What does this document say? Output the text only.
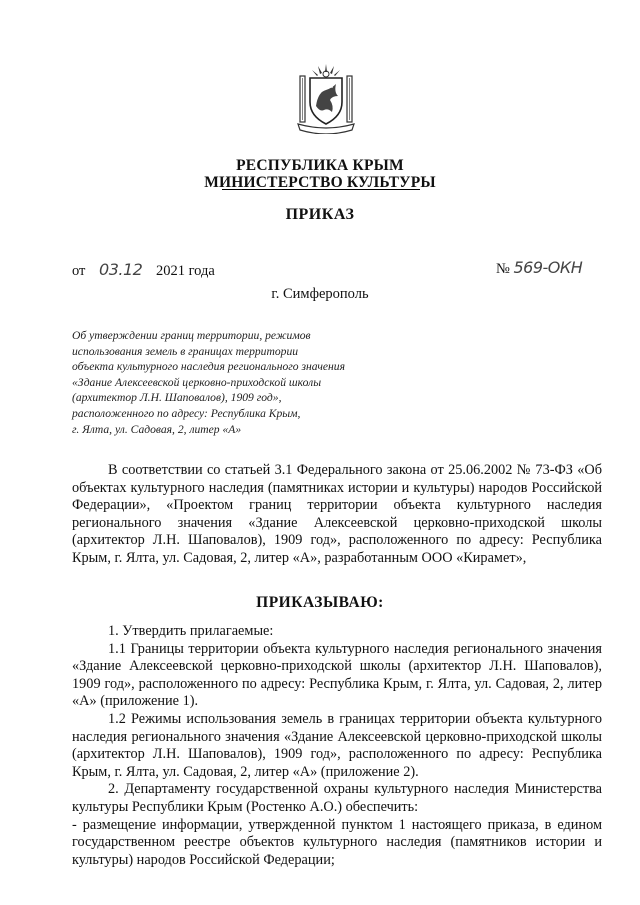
РЕСПУБЛИКА КРЫМ
МИНИСТЕРСТВО КУЛЬТУРЫ
ПРИКАЗ
от 03.12 2021 года	№ 569-ОКН
г. Симферополь
Об утверждении границ территории, режимов
использования земель в границах территории
объекта культурного наследия регионального значения
«Здание Алексеевской церковно-приходской школы
(архитектор Л.Н. Шаповалов), 1909 год»,
расположенного по адресу: Республика Крым,
г. Ялта, ул. Садовая, 2, литер «А»

В соответствии со статьей 3.1 Федерального закона от 25.06.2002 № 73-ФЗ «Об объектах культурного наследия (памятниках истории и культуры) народов Российской Федерации», «Проектом границ территории объекта культурного наследия регионального значения «Здание Алексеевской церковно-приходской школы (архитектор Л.Н. Шаповалов), 1909 год», расположенного по адресу: Республика Крым, г. Ялта, ул. Садовая, 2, литер «А», разработанным ООО «Кирамет»,

ПРИКАЗЫВАЮ:

1. Утвердить прилагаемые:

1.1 Границы территории объекта культурного наследия регионального значения «Здание Алексеевской церковно-приходской школы (архитектор Л.Н. Шаповалов), 1909 год», расположенного по адресу: Республика Крым, г. Ялта, ул. Садовая, 2, литер «А» (приложение 1).

1.2 Режимы использования земель в границах территории объекта культурного наследия регионального значения «Здание Алексеевской церковно-приходской школы (архитектор Л.Н. Шаповалов), 1909 год», расположенного по адресу: Республика Крым, г. Ялта, ул. Садовая, 2, литер «А» (приложение 2).

2. Департаменту государственной охраны культурного наследия Министерства культуры Республики Крым (Ростенко А.О.) обеспечить:

- размещение информации, утвержденной пунктом 1 настоящего приказа, в едином государственном реестре объектов культурного наследия (памятников истории и культуры) народов Российской Федерации;
